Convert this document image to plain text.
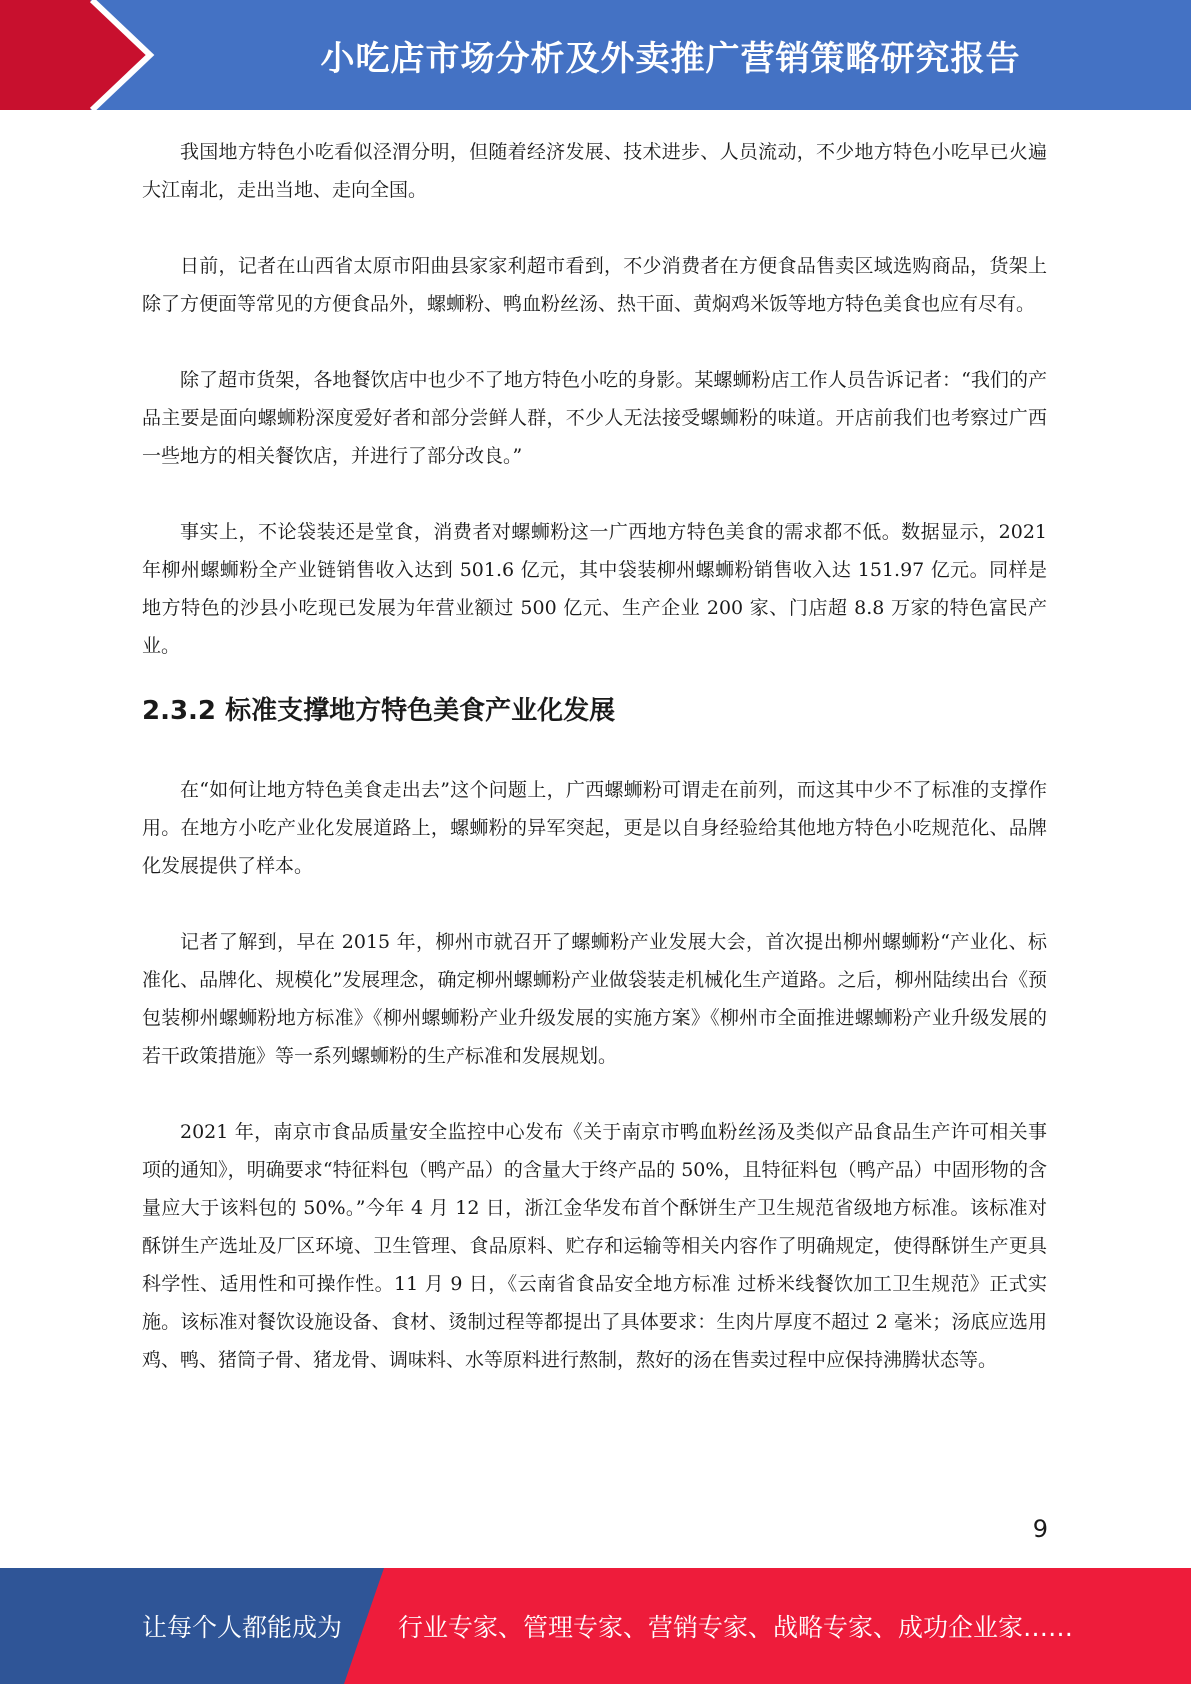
小吃店市场分析及外卖推广营销策略研究报告

我国地方特色小吃看似泾渭分明，但随着经济发展、技术进步、人员流动，不少地方特色小吃早已火遍大江南北，走出当地、走向全国。

日前，记者在山西省太原市阳曲县家家利超市看到，不少消费者在方便食品售卖区域选购商品，货架上除了方便面等常见的方便食品外，螺蛳粉、鸭血粉丝汤、热干面、黄焖鸡米饭等地方特色美食也应有尽有。

除了超市货架，各地餐饮店中也少不了地方特色小吃的身影。某螺蛳粉店工作人员告诉记者：“我们的产品主要是面向螺蛳粉深度爱好者和部分尝鲜人群，不少人无法接受螺蛳粉的味道。开店前我们也考察过广西一些地方的相关餐饮店，并进行了部分改良。”

事实上，不论袋装还是堂食，消费者对螺蛳粉这一广西地方特色美食的需求都不低。数据显示，2021 年柳州螺蛳粉全产业链销售收入达到 501.6 亿元，其中袋装柳州螺蛳粉销售收入达 151.97 亿元。同样是地方特色的沙县小吃现已发展为年营业额过 500 亿元、生产企业 200 家、门店超 8.8 万家的特色富民产业。

2.3.2 标准支撑地方特色美食产业化发展

在“如何让地方特色美食走出去”这个问题上，广西螺蛳粉可谓走在前列，而这其中少不了标准的支撑作用。在地方小吃产业化发展道路上，螺蛳粉的异军突起，更是以自身经验给其他地方特色小吃规范化、品牌化发展提供了样本。

记者了解到，早在 2015 年，柳州市就召开了螺蛳粉产业发展大会，首次提出柳州螺蛳粉“产业化、标准化、品牌化、规模化”发展理念，确定柳州螺蛳粉产业做袋装走机械化生产道路。之后，柳州陆续出台《预包装柳州螺蛳粉地方标准》《柳州螺蛳粉产业升级发展的实施方案》《柳州市全面推进螺蛳粉产业升级发展的若干政策措施》等一系列螺蛳粉的生产标准和发展规划。

2021 年，南京市食品质量安全监控中心发布《关于南京市鸭血粉丝汤及类似产品食品生产许可相关事项的通知》，明确要求“特征料包（鸭产品）的含量大于终产品的 50%，且特征料包（鸭产品）中固形物的含量应大于该料包的 50%。”今年 4 月 12 日，浙江金华发布首个酥饼生产卫生规范省级地方标准。该标准对酥饼生产选址及厂区环境、卫生管理、食品原料、贮存和运输等相关内容作了明确规定，使得酥饼生产更具科学性、适用性和可操作性。11 月 9 日，《云南省食品安全地方标准 过桥米线餐饮加工卫生规范》正式实施。该标准对餐饮设施设备、食材、烫制过程等都提出了具体要求：生肉片厚度不超过 2 毫米；汤底应选用鸡、鸭、猪筒子骨、猪龙骨、调味料、水等原料进行熬制，熬好的汤在售卖过程中应保持沸腾状态等。

9
让每个人都能成为 行业专家、管理专家、营销专家、战略专家、成功企业家……
